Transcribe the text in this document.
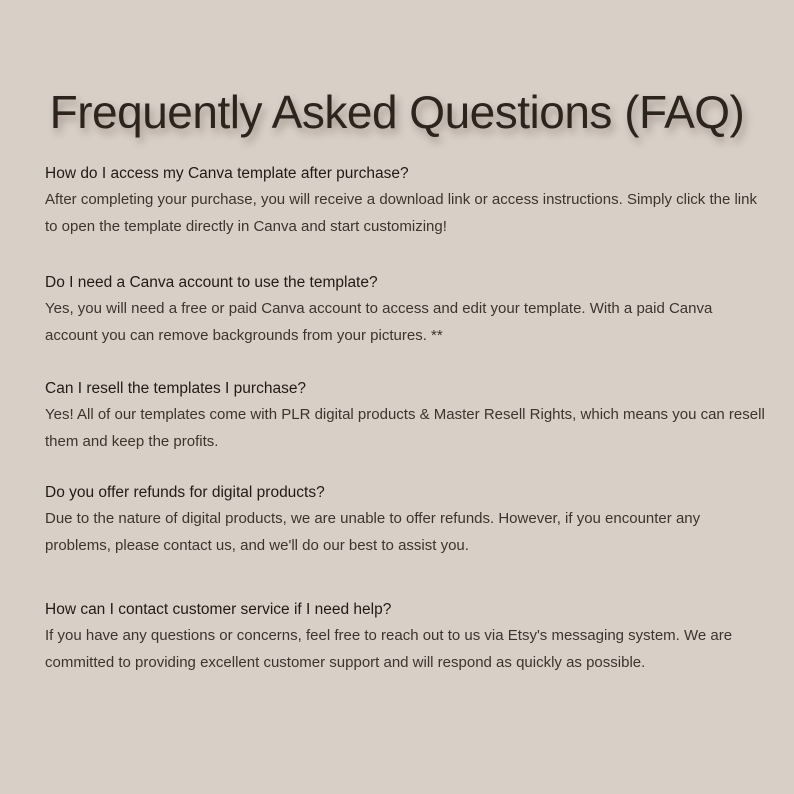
Frequently Asked Questions (FAQ)
How do I access my Canva template after purchase?
After completing your purchase, you will receive a download link or access instructions. Simply click the link to open the template directly in Canva and start customizing!
Do I need a Canva account to use the template?
Yes, you will need a free or paid Canva account to access and edit your template. With a paid Canva account you can remove backgrounds from your pictures. **
Can I resell the templates I purchase?
Yes! All of our templates come with PLR digital products & Master Resell Rights, which means you can resell them and keep the profits.
Do you offer refunds for digital products?
Due to the nature of digital products, we are unable to offer refunds. However, if you encounter any problems, please contact us, and we'll do our best to assist you.
How can I contact customer service if I need help?
If you have any questions or concerns, feel free to reach out to us via Etsy's messaging system. We are committed to providing excellent customer support and will respond as quickly as possible.
